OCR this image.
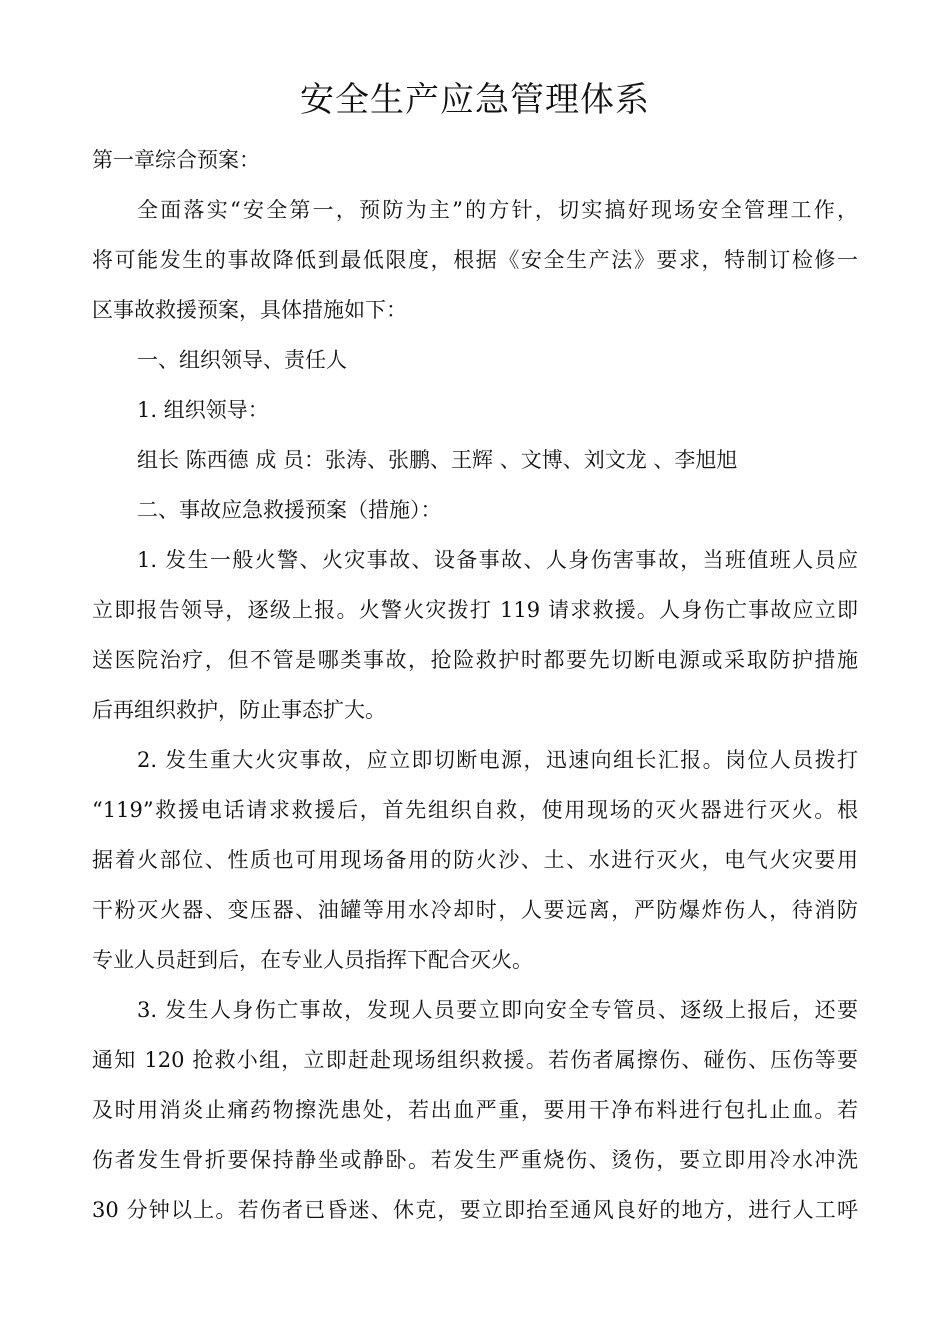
安全生产应急管理体系
第一章综合预案：
全面落实“安全第一，预防为主”的方针，切实搞好现场安全管理工作，
将可能发生的事故降低到最低限度，根据《安全生产法》要求，特制订检修一
区事故救援预案，具体措施如下：
一、组织领导、责任人
1. 组织领导：
组长 陈西德 成 员：张涛、张鹏、王辉 、文博、刘文龙 、李旭旭
二、事故应急救援预案（措施）：
1. 发生一般火警、火灾事故、设备事故、人身伤害事故，当班值班人员应
立即报告领导，逐级上报。火警火灾拨打 119 请求救援。人身伤亡事故应立即
送医院治疗，但不管是哪类事故，抢险救护时都要先切断电源或采取防护措施
后再组织救护，防止事态扩大。
2. 发生重大火灾事故，应立即切断电源，迅速向组长汇报。岗位人员拨打
“119”救援电话请求救援后，首先组织自救，使用现场的灭火器进行灭火。根
据着火部位、性质也可用现场备用的防火沙、土、水进行灭火，电气火灾要用
干粉灭火器、变压器、油罐等用水冷却时，人要远离，严防爆炸伤人，待消防
专业人员赶到后，在专业人员指挥下配合灭火。
3. 发生人身伤亡事故，发现人员要立即向安全专管员、逐级上报后，还要
通知 120 抢救小组，立即赶赴现场组织救援。若伤者属擦伤、碰伤、压伤等要
及时用消炎止痛药物擦洗患处，若出血严重，要用干净布料进行包扎止血。若
伤者发生骨折要保持静坐或静卧。若发生严重烧伤、烫伤，要立即用冷水冲洗
30 分钟以上。若伤者已昏迷、休克，要立即抬至通风良好的地方，进行人工呼
